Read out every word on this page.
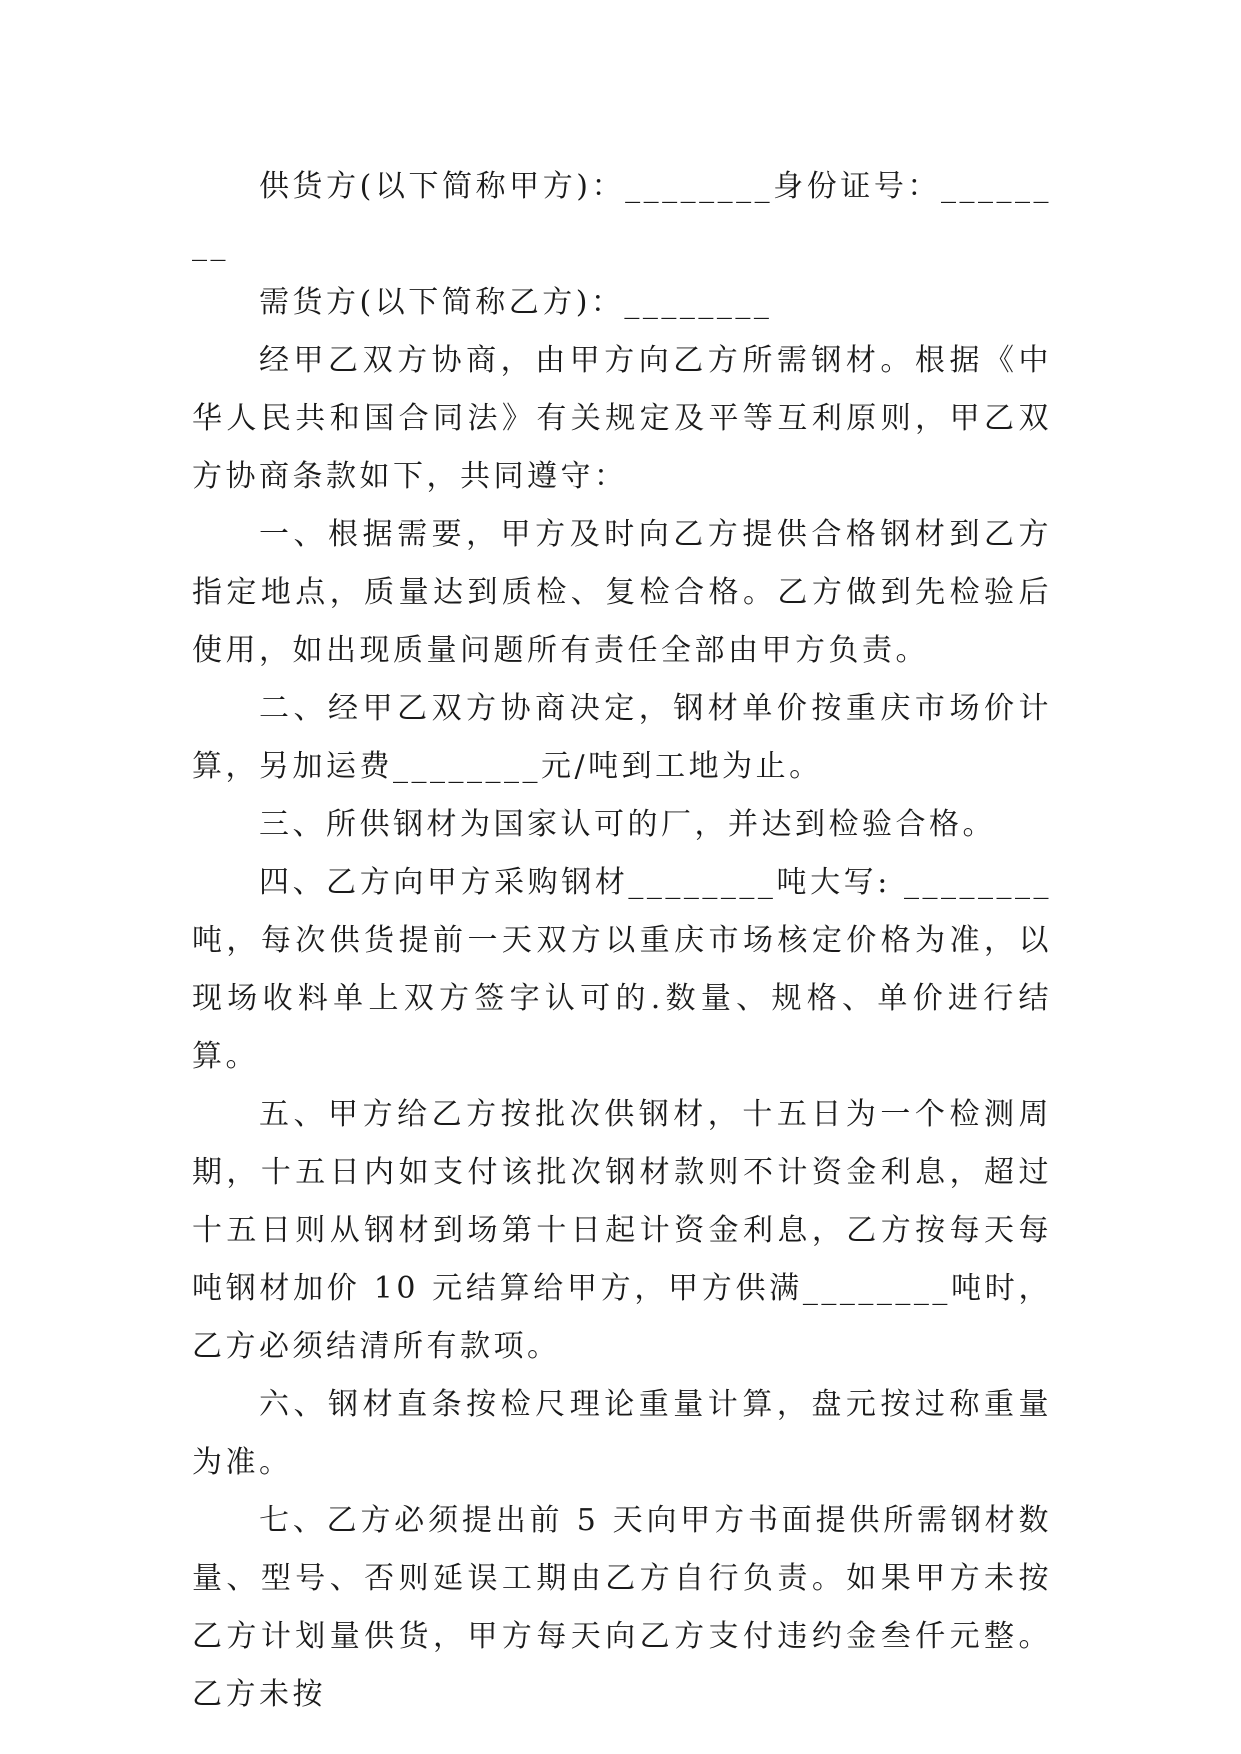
供货方(以下简称甲方)：________身份证号：________

需货方(以下简称乙方)：________

经甲乙双方协商，由甲方向乙方所需钢材。根据《中华人民共和国合同法》有关规定及平等互利原则，甲乙双方协商条款如下，共同遵守：

一、根据需要，甲方及时向乙方提供合格钢材到乙方指定地点，质量达到质检、复检合格。乙方做到先检验后使用，如出现质量问题所有责任全部由甲方负责。

二、经甲乙双方协商决定，钢材单价按重庆市场价计算，另加运费________元/吨到工地为止。

三、所供钢材为国家认可的厂，并达到检验合格。

四、乙方向甲方采购钢材________吨大写: ________吨，每次供货提前一天双方以重庆市场核定价格为准，以现场收料单上双方签字认可的.数量、规格、单价进行结算。

五、甲方给乙方按批次供钢材，十五日为一个检测周期，十五日内如支付该批次钢材款则不计资金利息，超过十五日则从钢材到场第十日起计资金利息，乙方按每天每吨钢材加价 10 元结算给甲方，甲方供满________吨时，乙方必须结清所有款项。

六、钢材直条按检尺理论重量计算，盘元按过称重量为准。

七、乙方必须提出前 5 天向甲方书面提供所需钢材数量、型号、否则延误工期由乙方自行负责。如果甲方未按乙方计划量供货，甲方每天向乙方支付违约金叁仟元整。乙方未按
